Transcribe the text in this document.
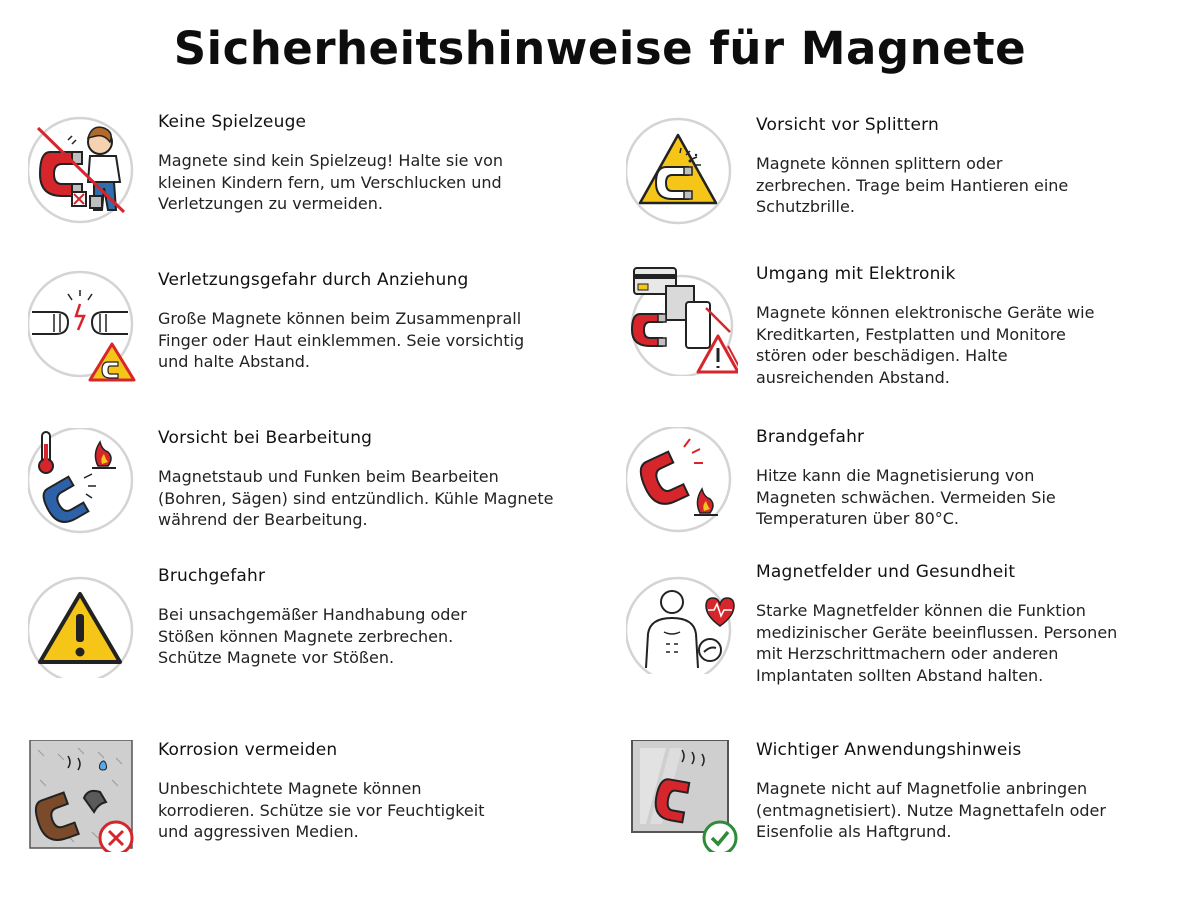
Sicherheitshinweise für Magnete
Keine Spielzeuge

Magnete sind kein Spielzeug! Halte sie von
kleinen Kindern fern, um Verschlucken und
Verletzungen zu vermeiden.

Vorsicht vor Splittern

Magnete können splittern oder
zerbrechen. Trage beim Hantieren eine
Schutzbrille.

Verletzungsgefahr durch Anziehung

Große Magnete können beim Zusammenprall
Finger oder Haut einklemmen. Seie vorsichtig
und halte Abstand.

Umgang mit Elektronik

Magnete können elektronische Geräte wie
Kreditkarten, Festplatten und Monitore
stören oder beschädigen. Halte
ausreichenden Abstand.

Vorsicht bei Bearbeitung

Magnetstaub und Funken beim Bearbeiten
(Bohren, Sägen) sind entzündlich. Kühle Magnete
während der Bearbeitung.

Brandgefahr

Hitze kann die Magnetisierung von
Magneten schwächen. Vermeiden Sie
Temperaturen über 80°C.

Bruchgefahr

Bei unsachgemäßer Handhabung oder
Stößen können Magnete zerbrechen.
Schütze Magnete vor Stößen.

Magnetfelder und Gesundheit

Starke Magnetfelder können die Funktion
medizinischer Geräte beeinflussen. Personen
mit Herzschrittmachern oder anderen
Implantaten sollten Abstand halten.

Korrosion vermeiden

Unbeschichtete Magnete können
korrodieren. Schütze sie vor Feuchtigkeit
und aggressiven Medien.

Wichtiger Anwendungshinweis

Magnete nicht auf Magnetfolie anbringen
(entmagnetisiert). Nutze Magnettafeln oder
Eisenfolie als Haftgrund.
